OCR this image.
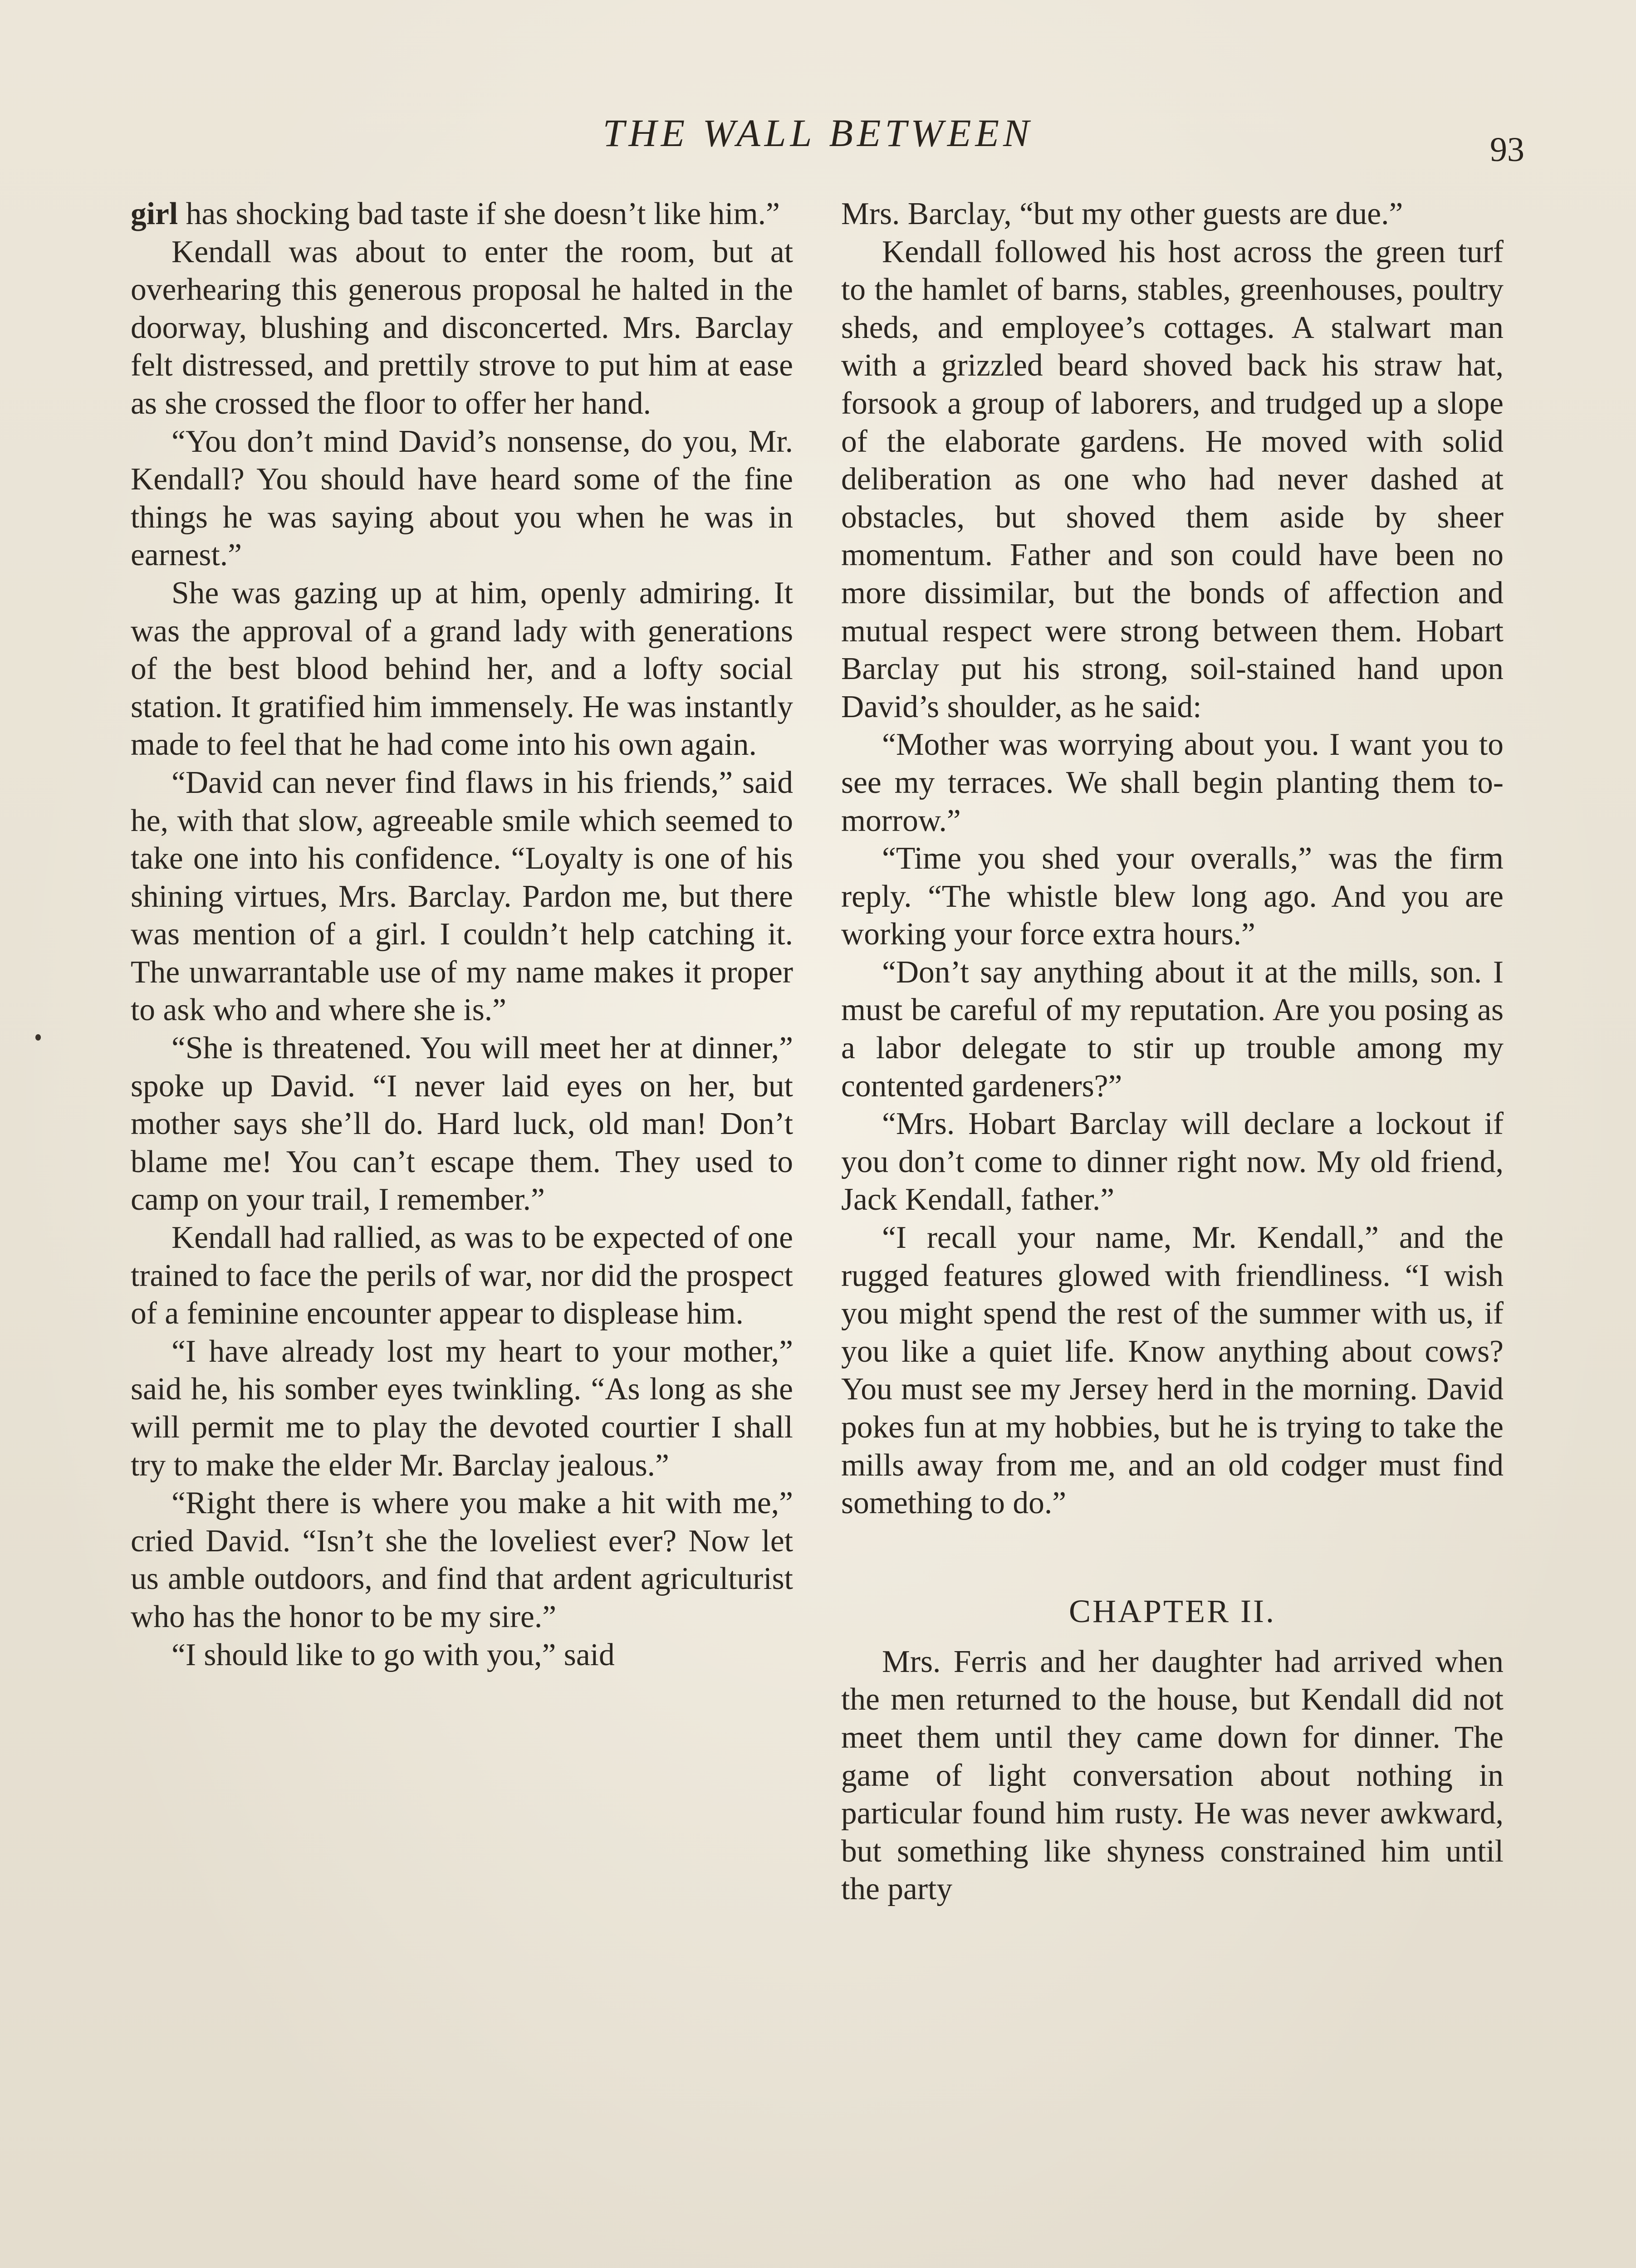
THE WALL BETWEEN	93

girl has shocking bad taste if she doesn’t like him.”

Kendall was about to enter the room, but at overhearing this generous proposal he halted in the doorway, blushing and disconcerted. Mrs. Barclay felt distressed, and prettily strove to put him at ease as she crossed the floor to offer her hand.

“You don’t mind David’s nonsense, do you, Mr. Kendall? You should have heard some of the fine things he was saying about you when he was in earnest.”

She was gazing up at him, openly admiring. It was the approval of a grand lady with generations of the best blood behind her, and a lofty social station. It gratified him immensely. He was instantly made to feel that he had come into his own again.

“David can never find flaws in his friends,” said he, with that slow, agreeable smile which seemed to take one into his confidence. “Loyalty is one of his shining virtues, Mrs. Barclay. Pardon me, but there was mention of a girl. I couldn’t help catching it. The unwarrantable use of my name makes it proper to ask who and where she is.”

“She is threatened. You will meet her at dinner,” spoke up David. “I never laid eyes on her, but mother says she’ll do. Hard luck, old man! Don’t blame me! You can’t escape them. They used to camp on your trail, I remember.”

Kendall had rallied, as was to be expected of one trained to face the perils of war, nor did the prospect of a feminine encounter appear to displease him.

“I have already lost my heart to your mother,” said he, his somber eyes twinkling. “As long as she will permit me to play the devoted courtier I shall try to make the elder Mr. Barclay jealous.”

“Right there is where you make a hit with me,” cried David. “Isn’t she the loveliest ever? Now let us amble outdoors, and find that ardent agriculturist who has the honor to be my sire.”

“I should like to go with you,” said

Mrs. Barclay, “but my other guests are due.”

Kendall followed his host across the green turf to the hamlet of barns, stables, greenhouses, poultry sheds, and employee’s cottages. A stalwart man with a grizzled beard shoved back his straw hat, forsook a group of laborers, and trudged up a slope of the elaborate gardens. He moved with solid deliberation as one who had never dashed at obstacles, but shoved them aside by sheer momentum. Father and son could have been no more dissimilar, but the bonds of affection and mutual respect were strong between them. Hobart Barclay put his strong, soil-stained hand upon David’s shoulder, as he said:

“Mother was worrying about you. I want you to see my terraces. We shall begin planting them to-morrow.”

“Time you shed your overalls,” was the firm reply. “The whistle blew long ago. And you are working your force extra hours.”

“Don’t say anything about it at the mills, son. I must be careful of my reputation. Are you posing as a labor delegate to stir up trouble among my contented gardeners?”

“Mrs. Hobart Barclay will declare a lockout if you don’t come to dinner right now. My old friend, Jack Kendall, father.”

“I recall your name, Mr. Kendall,” and the rugged features glowed with friendliness. “I wish you might spend the rest of the summer with us, if you like a quiet life. Know anything about cows? You must see my Jersey herd in the morning. David pokes fun at my hobbies, but he is trying to take the mills away from me, and an old codger must find something to do.”

CHAPTER II.

Mrs. Ferris and her daughter had arrived when the men returned to the house, but Kendall did not meet them until they came down for dinner. The game of light conversation about nothing in particular found him rusty. He was never awkward, but something like shyness constrained him until the party
